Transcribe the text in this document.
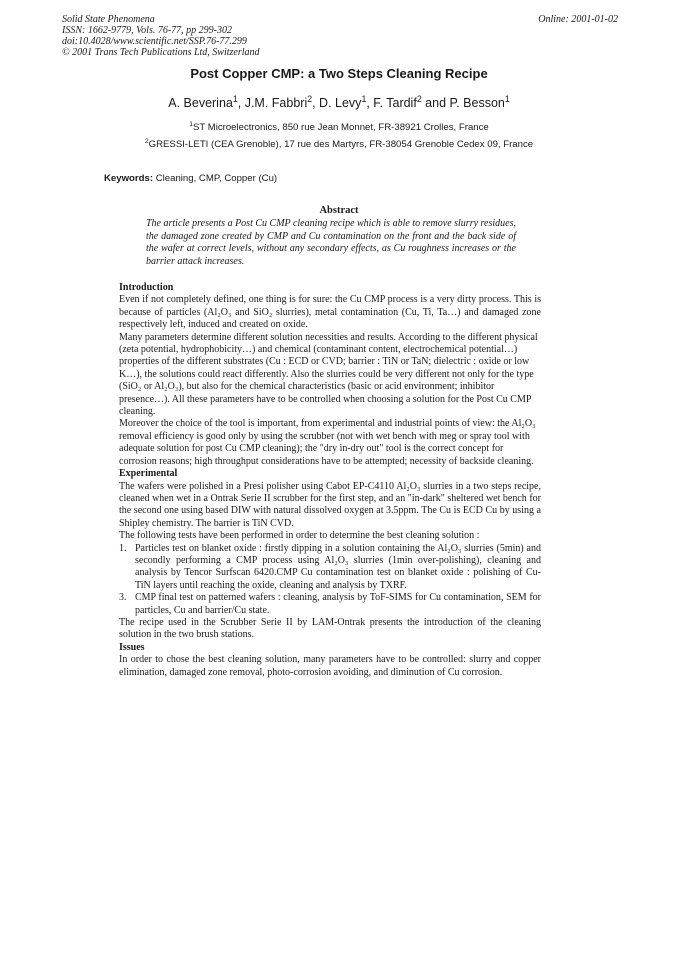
Solid State Phenomena
ISSN: 1662-9779, Vols. 76-77, pp 299-302
doi:10.4028/www.scientific.net/SSP.76-77.299
© 2001 Trans Tech Publications Ltd, Switzerland
Online: 2001-01-02
Post Copper CMP: a Two Steps Cleaning Recipe
A. Beverina$^1$, J.M. Fabbri$^2$, D. Levy$^1$, F. Tardif$^2$ and P. Besson$^1$
$^1$ST Microelectronics, 850 rue Jean Monnet, FR-38921 Crolles, France
$^2$GRESSI-LETI (CEA Grenoble), 17 rue des Martyrs, FR-38054 Grenoble Cedex 09, France
Keywords: Cleaning, CMP, Copper (Cu)
Abstract
The article presents a Post Cu CMP cleaning recipe which is able to remove slurry residues, the damaged zone created by CMP and Cu contamination on the front and the back side of the wafer at correct levels, without any secondary effects, as Cu roughness increases or the barrier attack increases.

Introduction

Even if not completely defined, one thing is for sure: the Cu CMP process is a very dirty process. This is because of particles (Al₂O₃ and SiO₂ slurries), metal contamination (Cu, Ti, Ta…) and damaged zone respectively left, induced and created on oxide.

Many parameters determine different solution necessities and results. According to the different physical (zeta potential, hydrophobicity…) and chemical (contaminant content, electrochemical potential…) properties of the different substrates (Cu : ECD or CVD; barrier : TiN or TaN; dielectric : oxide or low K…), the solutions could react differently. Also the slurries could be very different not only for the type (SiO₂ or Al₂O₃), but also for the chemical characteristics (basic or acid environment; inhibitor presence…). All these parameters have to be controlled when choosing a solution for the Post Cu CMP cleaning.

Moreover the choice of the tool is important, from experimental and industrial points of view: the Al₂O₃ removal efficiency is good only by using the scrubber (not with wet bench with meg or spray tool with adequate solution for post Cu CMP cleaning); the "dry in-dry out" tool is the correct concept for corrosion reasons; high throughput considerations have to be attempted; necessity of backside cleaning.

Experimental

The wafers were polished in a Presi polisher using Cabot EP-C4110 Al₂O₃ slurries in a two steps recipe, cleaned when wet in a Ontrak Serie II scrubber for the first step, and an "in-dark" sheltered wet bench for the second one using based DIW with natural dissolved oxygen at 3.5ppm. The Cu is ECD Cu by using a Shipley chemistry. The barrier is TiN CVD.

The following tests have been performed in order to determine the best cleaning solution :

1. Particles test on blanket oxide : firstly dipping in a solution containing the Al₂O₃ slurries (5min) and secondly performing a CMP process using Al₂O₃ slurries (1min over-polishing), cleaning and analysis by Tencor Surfscan 6420.CMP Cu contamination test on blanket oxide : polishing of Cu-TiN layers until reaching the oxide, cleaning and analysis by TXRF.
3. CMP final test on patterned wafers : cleaning, analysis by ToF-SIMS for Cu contamination, SEM for particles, Cu and barrier/Cu state.

The recipe used in the Scrubber Serie II by LAM-Ontrak presents the introduction of the cleaning solution in the two brush stations.

Issues

In order to chose the best cleaning solution, many parameters have to be controlled: slurry and copper elimination, damaged zone removal, photo-corrosion avoiding, and diminution of Cu corrosion.
